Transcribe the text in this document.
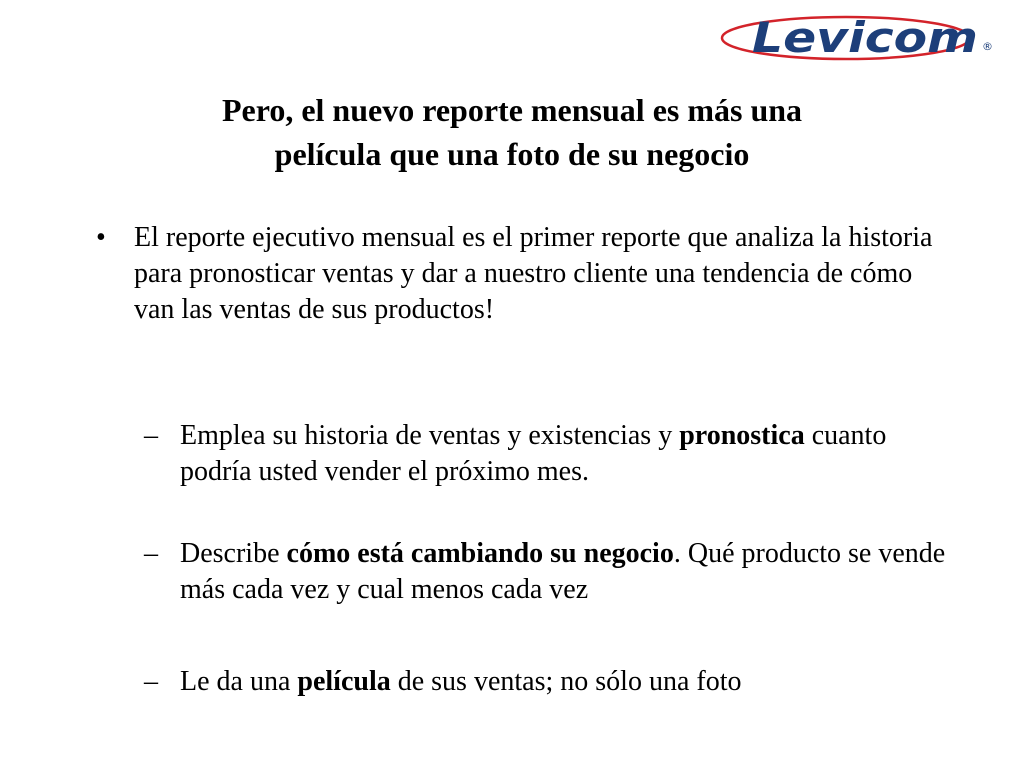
Levicom ®
Pero, el nuevo reporte mensual es más una
película que una foto de su negocio
• El reporte ejecutivo mensual es el primer reporte que analiza la historia para pronosticar ventas y dar a nuestro cliente una tendencia de cómo van las ventas de sus productos!
– Emplea su historia de ventas y existencias y pronostica cuanto podría usted vender el próximo mes.
– Describe cómo está cambiando su negocio. Qué producto se vende más cada vez y cual menos cada vez
– Le da una película de sus ventas; no sólo una foto
